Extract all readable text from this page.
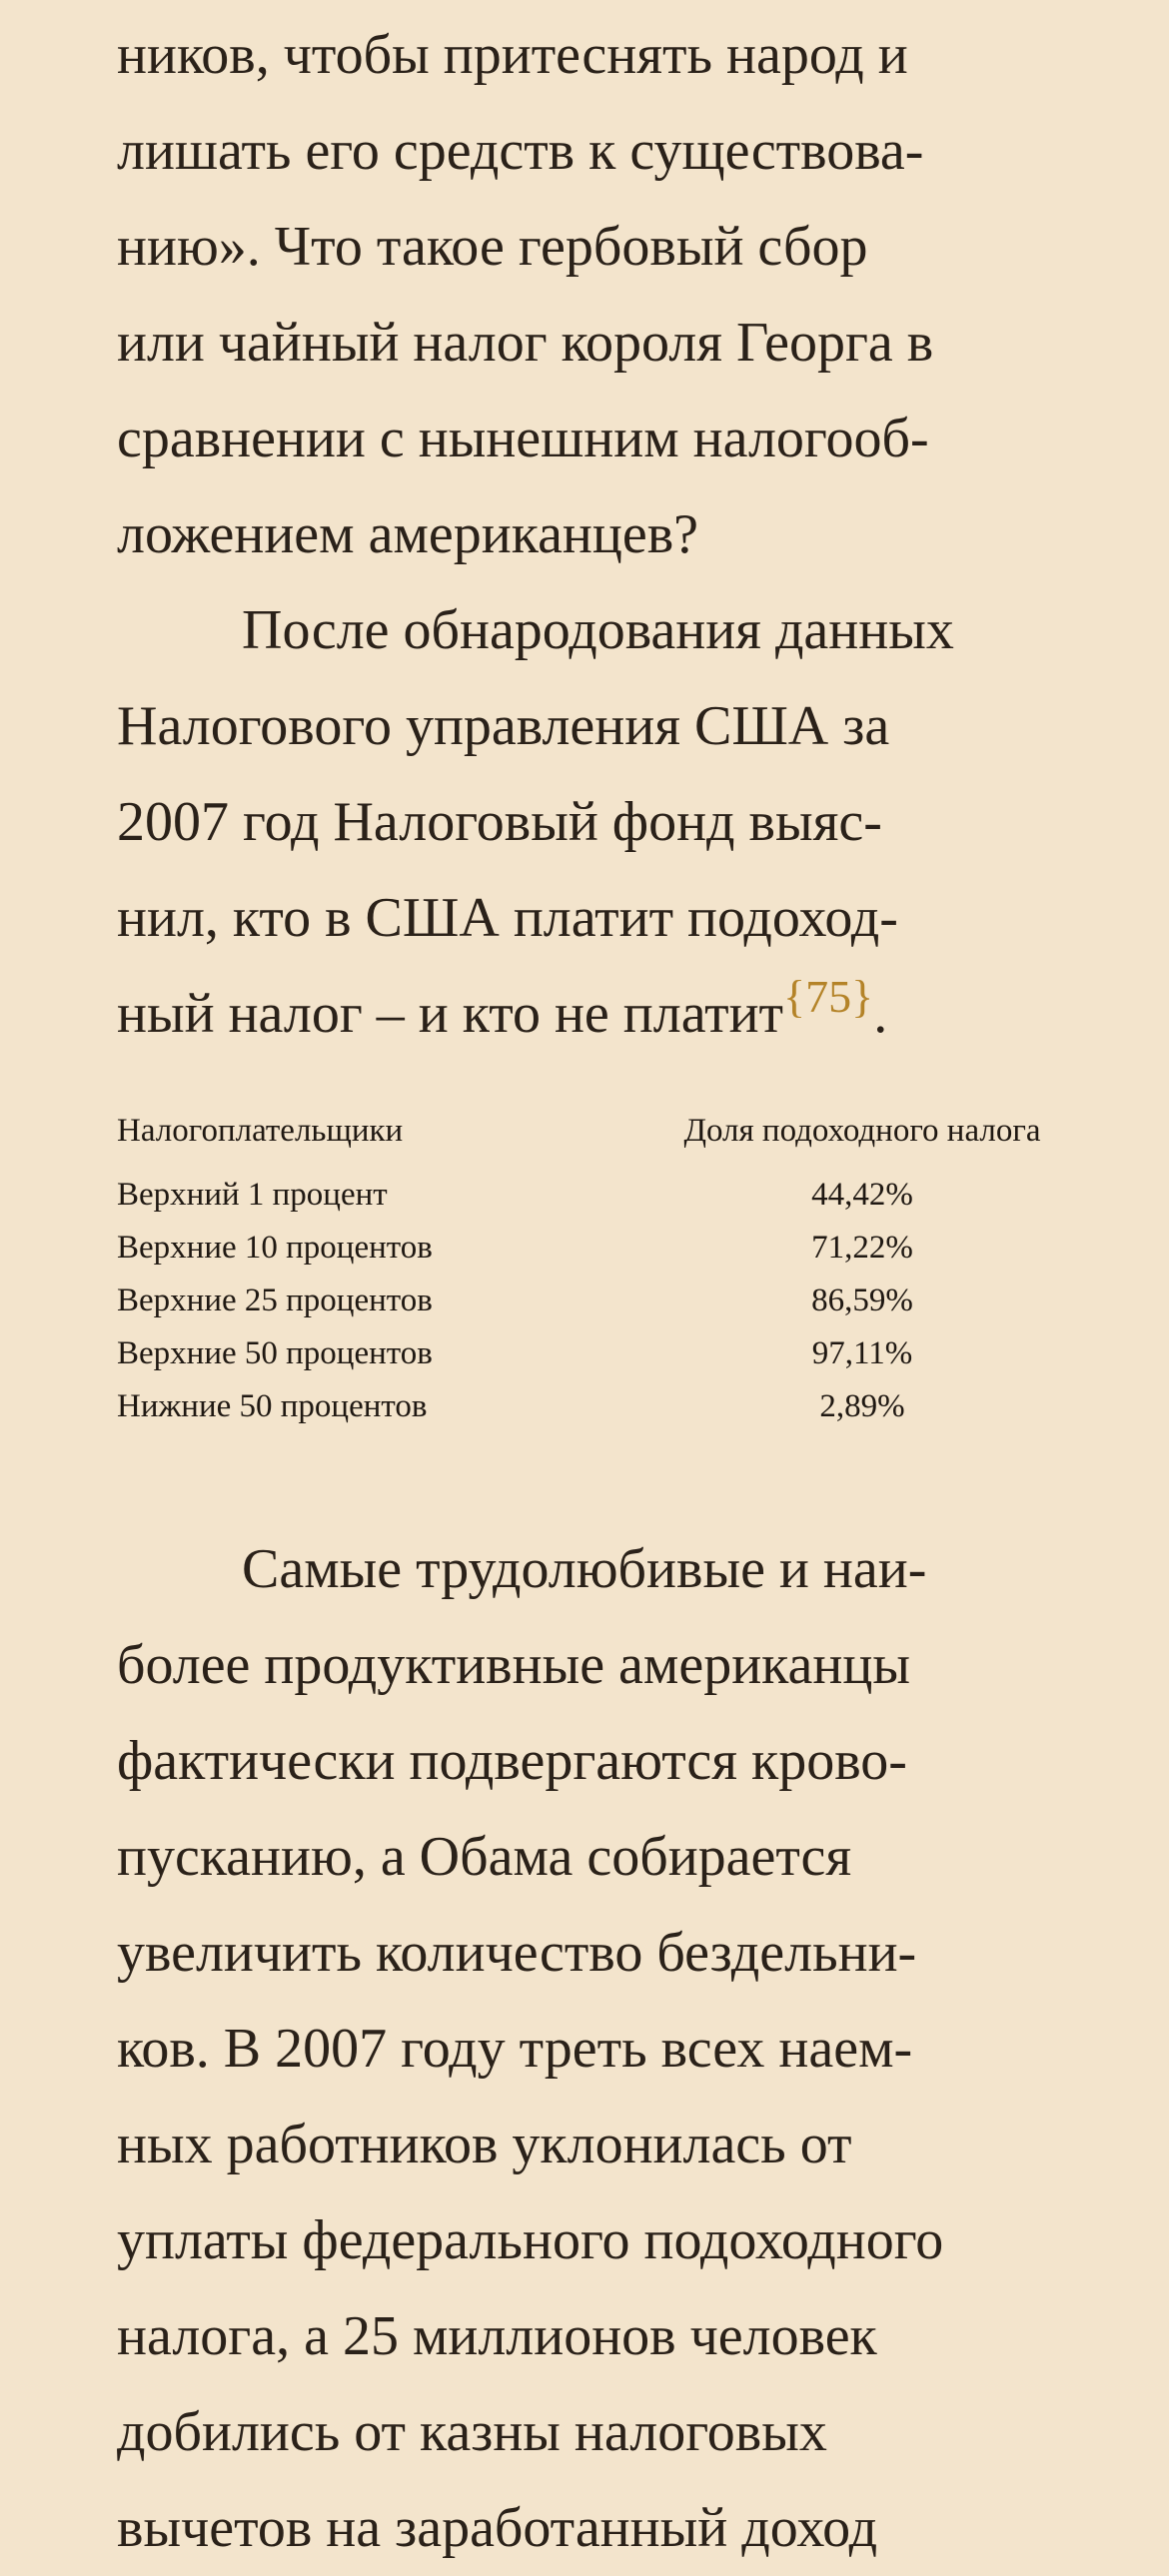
ников, чтобы притеснять народ и
лишать его средств к существова-
нию». Что такое гербовый сбор
или чайный налог короля Георга в
сравнении с нынешним налогооб-
ложением американцев?
После обнародования данных
Налогового управления США за
2007 год Налоговый фонд выяс-
нил, кто в США платит подоход-
ный налог – и кто не платит$^{\{75\}}$.
Налогоплательщики	Доля подоходного налога
Верхний 1 процент	44,42%
Верхние 10 процентов	71,22%
Верхние 25 процентов	86,59%
Верхние 50 процентов	97,11%
Нижние 50 процентов	2,89%
Самые трудолюбивые и наи-
более продуктивные американцы
фактически подвергаются крово-
пусканию, а Обама собирается
увеличить количество бездельни-
ков. В 2007 году треть всех наем-
ных работников уклонилась от
уплаты федерального подоходного
налога, а 25 миллионов человек
добились от казны налоговых
вычетов на заработанный доход
